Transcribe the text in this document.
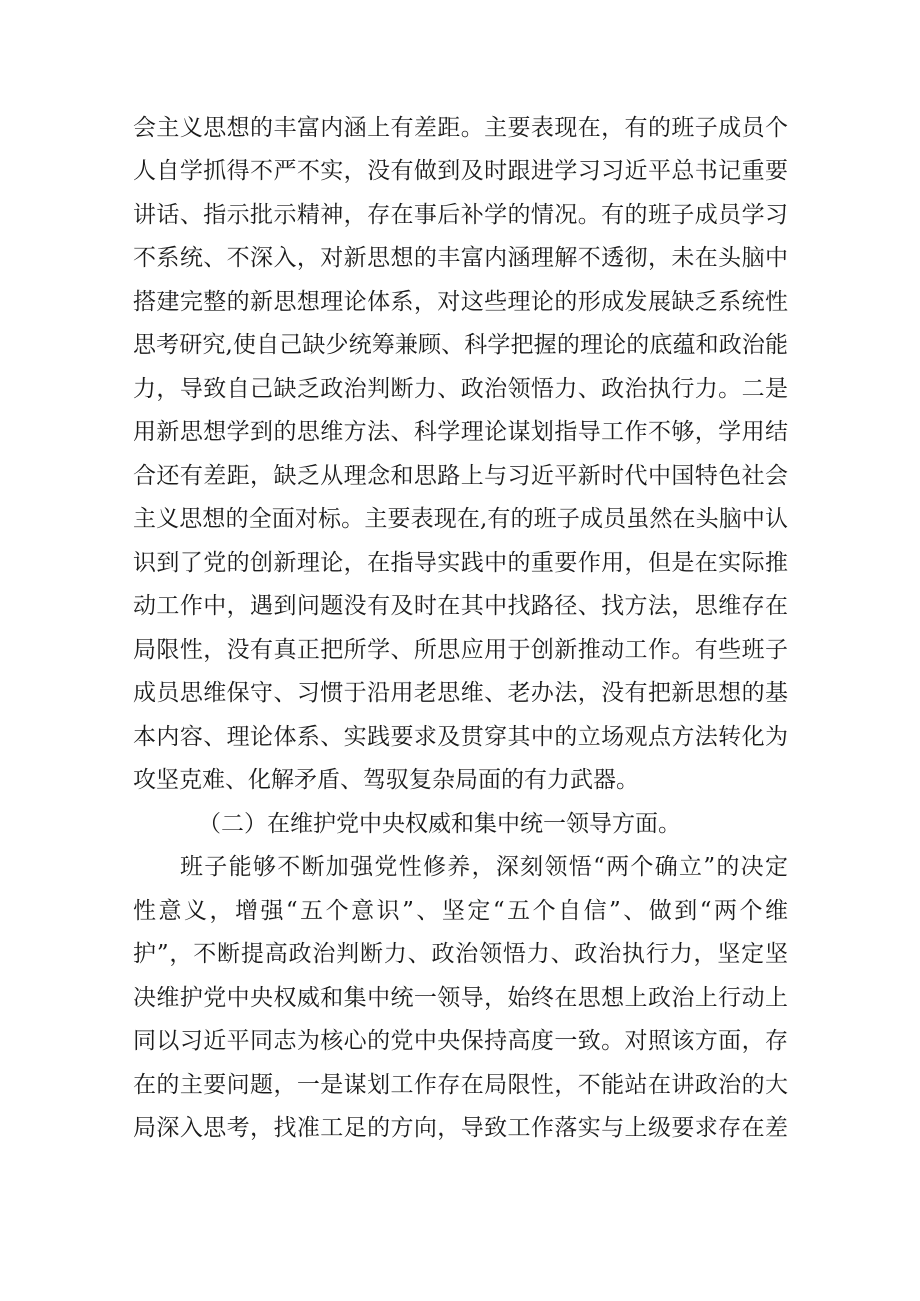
会主义思想的丰富内涵上有差距。主要表现在，有的班子成员个
人自学抓得不严不实，没有做到及时跟进学习习近平总书记重要
讲话、指示批示精神，存在事后补学的情况。有的班子成员学习
不系统、不深入，对新思想的丰富内涵理解不透彻，未在头脑中
搭建完整的新思想理论体系，对这些理论的形成发展缺乏系统性
思考研究,使自己缺少统筹兼顾、科学把握的理论的底蕴和政治能
力，导致自己缺乏政治判断力、政治领悟力、政治执行力。二是
用新思想学到的思维方法、科学理论谋划指导工作不够，学用结
合还有差距，缺乏从理念和思路上与习近平新时代中国特色社会
主义思想的全面对标。主要表现在,有的班子成员虽然在头脑中认
识到了党的创新理论，在指导实践中的重要作用，但是在实际推
动工作中，遇到问题没有及时在其中找路径、找方法，思维存在
局限性，没有真正把所学、所思应用于创新推动工作。有些班子
成员思维保守、习惯于沿用老思维、老办法，没有把新思想的基
本内容、理论体系、实践要求及贯穿其中的立场观点方法转化为
攻坚克难、化解矛盾、驾驭复杂局面的有力武器。
（二）在维护党中央权威和集中统一领导方面。
班子能够不断加强党性修养，深刻领悟“两个确立”的决定
性意义，增强“五个意识”、坚定“五个自信”、做到“两个维
护”，不断提高政治判断力、政治领悟力、政治执行力，坚定坚
决维护党中央权威和集中统一领导，始终在思想上政治上行动上
同以习近平同志为核心的党中央保持高度一致。对照该方面，存
在的主要问题，一是谋划工作存在局限性，不能站在讲政治的大
局深入思考，找准工足的方向，导致工作落实与上级要求存在差
